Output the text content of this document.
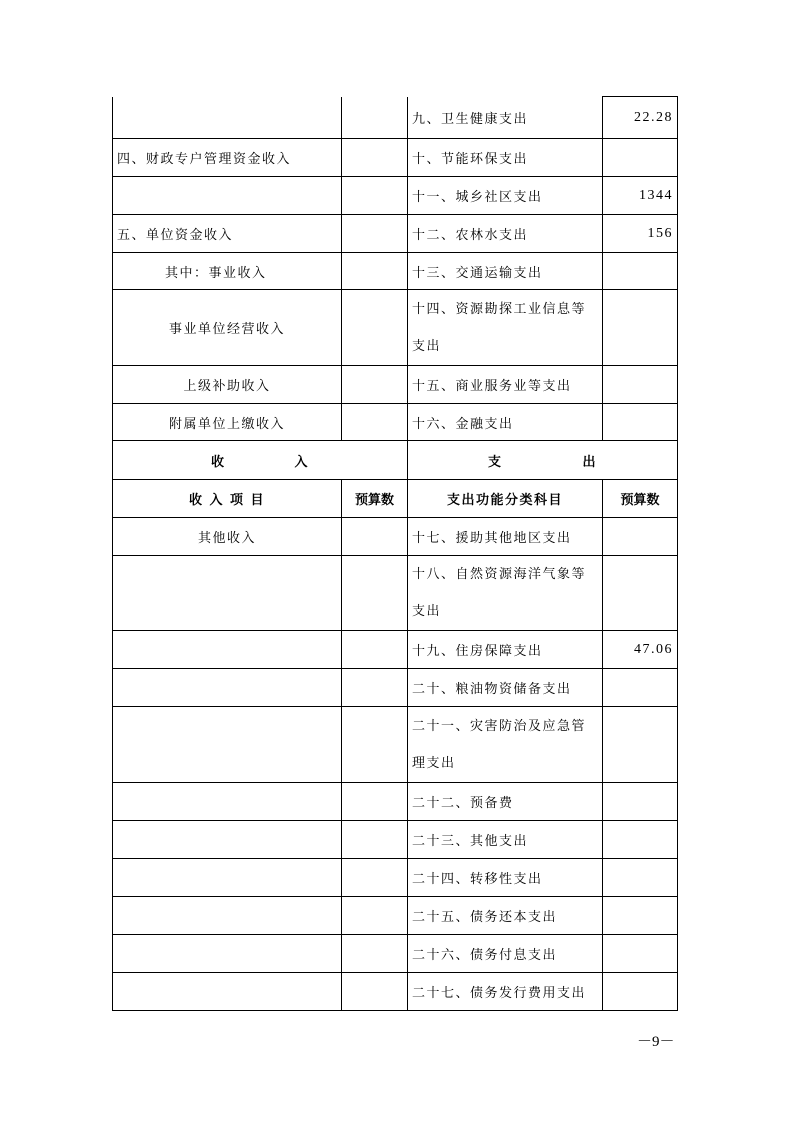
		九、卫生健康支出	22.28
四、财政专户管理资金收入		十、节能环保支出	
		十一、城乡社区支出	1344
五、单位资金收入		十二、农林水支出	156
其中：事业收入		十三、交通运输支出	
事业单位经营收入		十四、资源勘探工业信息等支出	
上级补助收入		十五、商业服务业等支出	
附属单位上缴收入		十六、金融支出	

收 入		支 出	

收 入 项 目	预算数	支出功能分类科目	预算数
其他收入		十七、援助其他地区支出	
		十八、自然资源海洋气象等支出	
		十九、住房保障支出	47.06
		二十、粮油物资储备支出	
		二十一、灾害防治及应急管理支出	
		二十二、预备费	
		二十三、其他支出	
		二十四、转移性支出	
		二十五、债务还本支出	
		二十六、债务付息支出	
		二十七、债务发行费用支出	
－9－
